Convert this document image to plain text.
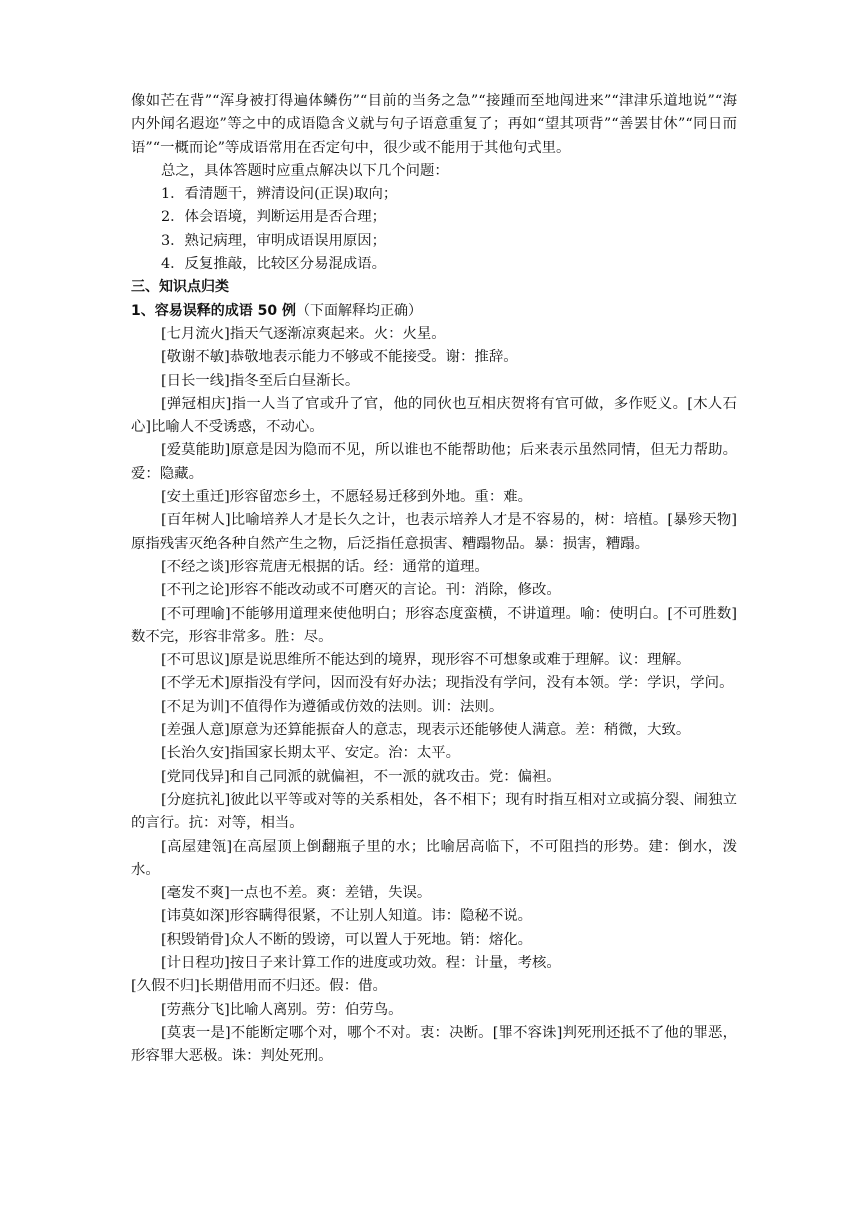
像如芒在背”“浑身被打得遍体鳞伤”“目前的当务之急”“接踵而至地闯进来”“津津乐道地说”“海内外闻名遐迩”等之中的成语隐含义就与句子语意重复了；再如“望其项背”“善罢甘休”“同日而语”“一概而论”等成语常用在否定句中，很少或不能用于其他句式里。

总之，具体答题时应重点解决以下几个问题：

1．看清题干，辨清设问(正误)取向；

2．体会语境，判断运用是否合理；

3．熟记病理，审明成语误用原因；

4．反复推敲，比较区分易混成语。

三、知识点归类

1、容易误释的成语 50 例（下面解释均正确）

[七月流火]指天气逐渐凉爽起来。火：火星。

[敬谢不敏]恭敬地表示能力不够或不能接受。谢：推辞。

[日长一线]指冬至后白昼渐长。

[弹冠相庆]指一人当了官或升了官，他的同伙也互相庆贺将有官可做，多作贬义。[木人石心]比喻人不受诱惑，不动心。

[爱莫能助]原意是因为隐而不见，所以谁也不能帮助他；后来表示虽然同情，但无力帮助。爱：隐藏。

[安土重迁]形容留恋乡土，不愿轻易迁移到外地。重：难。

[百年树人]比喻培养人才是长久之计，也表示培养人才是不容易的，树：培植。[暴殄天物]原指残害灭绝各种自然产生之物，后泛指任意损害、糟蹋物品。暴：损害，糟蹋。

[不经之谈]形容荒唐无根据的话。经：通常的道理。

[不刊之论]形容不能改动或不可磨灭的言论。刊：消除，修改。

[不可理喻]不能够用道理来使他明白；形容态度蛮横，不讲道理。喻：使明白。[不可胜数]数不完，形容非常多。胜：尽。

[不可思议]原是说思维所不能达到的境界，现形容不可想象或难于理解。议：理解。

[不学无术]原指没有学问，因而没有好办法；现指没有学问，没有本领。学：学识，学问。

[不足为训]不值得作为遵循或仿效的法则。训：法则。

[差强人意]原意为还算能振奋人的意志，现表示还能够使人满意。差：稍微，大致。

[长治久安]指国家长期太平、安定。治：太平。

[党同伐异]和自己同派的就偏袒，不一派的就攻击。党：偏袒。

[分庭抗礼]彼此以平等或对等的关系相处，各不相下；现有时指互相对立或搞分裂、闹独立的言行。抗：对等，相当。

[高屋建瓴]在高屋顶上倒翻瓶子里的水；比喻居高临下，不可阻挡的形势。建：倒水，泼水。

[毫发不爽]一点也不差。爽：差错，失误。

[讳莫如深]形容瞒得很紧，不让别人知道。讳：隐秘不说。

[积毁销骨]众人不断的毁谤，可以置人于死地。销：熔化。

[计日程功]按日子来计算工作的进度或功效。程：计量，考核。

[久假不归]长期借用而不归还。假：借。

[劳燕分飞]比喻人离别。劳：伯劳鸟。

[莫衷一是]不能断定哪个对，哪个不对。衷：决断。[罪不容诛]判死刑还抵不了他的罪恶，形容罪大恶极。诛：判处死刑。
